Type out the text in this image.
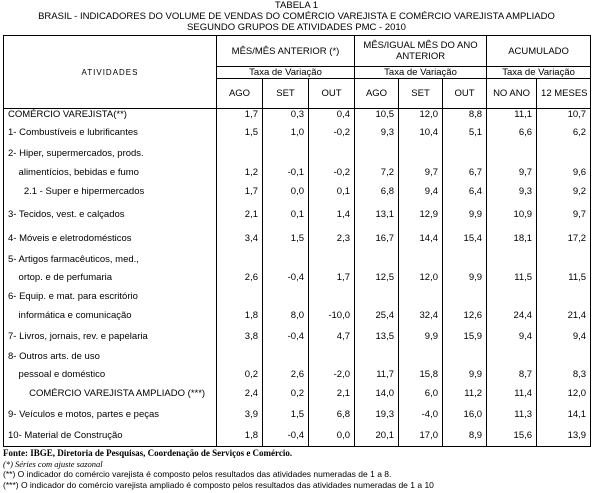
TABELA 1
BRASIL - INDICADORES DO VOLUME DE VENDAS DO COMÉRCIO VAREJISTA E COMÉRCIO VAREJISTA AMPLIADO
SEGUNDO GRUPOS DE ATIVIDADES PMC - 2010
ATIVIDADES	MÊS/MÊS ANTERIOR (*)			MÊS/IGUAL MÊS DO ANO ANTERIOR			ACUMULADO	
	Taxa de Variação			Taxa de Variação			Taxa de Variação	
	AGO	SET	OUT	AGO	SET	OUT	NO ANO	12 MESES
COMÉRCIO VAREJISTA(**)	1,7	0,3	0,4	10,5	12,0	8,8	11,1	10,7
1- Combustíveis e lubrificantes	1,5	1,0	-0,2	9,3	10,4	5,1	6,6	6,2
2- Hiper, supermercados, prods.								
alimentícios, bebidas e fumo	1,2	-0,1	-0,2	7,2	9,7	6,7	9,7	9,6
2.1 - Super e hipermercados	1,7	0,0	0,1	6,8	9,4	6,4	9,3	9,2
3- Tecidos, vest. e calçados	2,1	0,1	1,4	13,1	12,9	9,9	10,9	9,7
4- Móveis e eletrodomésticos	3,4	1,5	2,3	16,7	14,4	15,4	18,1	17,2
5- Artigos farmacêuticos, med.,								
ortop. e de perfumaria	2,6	-0,4	1,7	12,5	12,0	9,9	11,5	11,5
6- Equip. e mat. para escritório								
informática e comunicação	1,8	8,0	-10,0	25,4	32,4	12,6	24,4	21,4
7- Livros, jornais, rev. e papelaria	3,8	-0,4	4,7	13,5	9,9	15,9	9,4	9,4
8- Outros arts. de uso								
pessoal e doméstico	0,2	2,6	-2,0	11,7	15,8	9,9	8,7	8,3
COMÉRCIO VAREJISTA AMPLIADO (***)	2,4	0,2	2,1	14,0	6,0	11,2	11,4	12,0
9- Veículos e motos, partes e peças	3,9	1,5	6,8	19,3	-4,0	16,0	11,3	14,1
10- Material de Construção	1,8	-0,4	0,0	20,1	17,0	8,9	15,6	13,9
Fonte: IBGE, Diretoria de Pesquisas, Coordenação de Serviços e Comércio.
(*) Séries com ajuste sazonal
(**) O indicador do comércio varejista é composto pelos resultados das atividades numeradas de 1 a 8.
(***) O indicador do comércio varejista ampliado é composto pelos resultados das atividades numeradas de 1 a 10
